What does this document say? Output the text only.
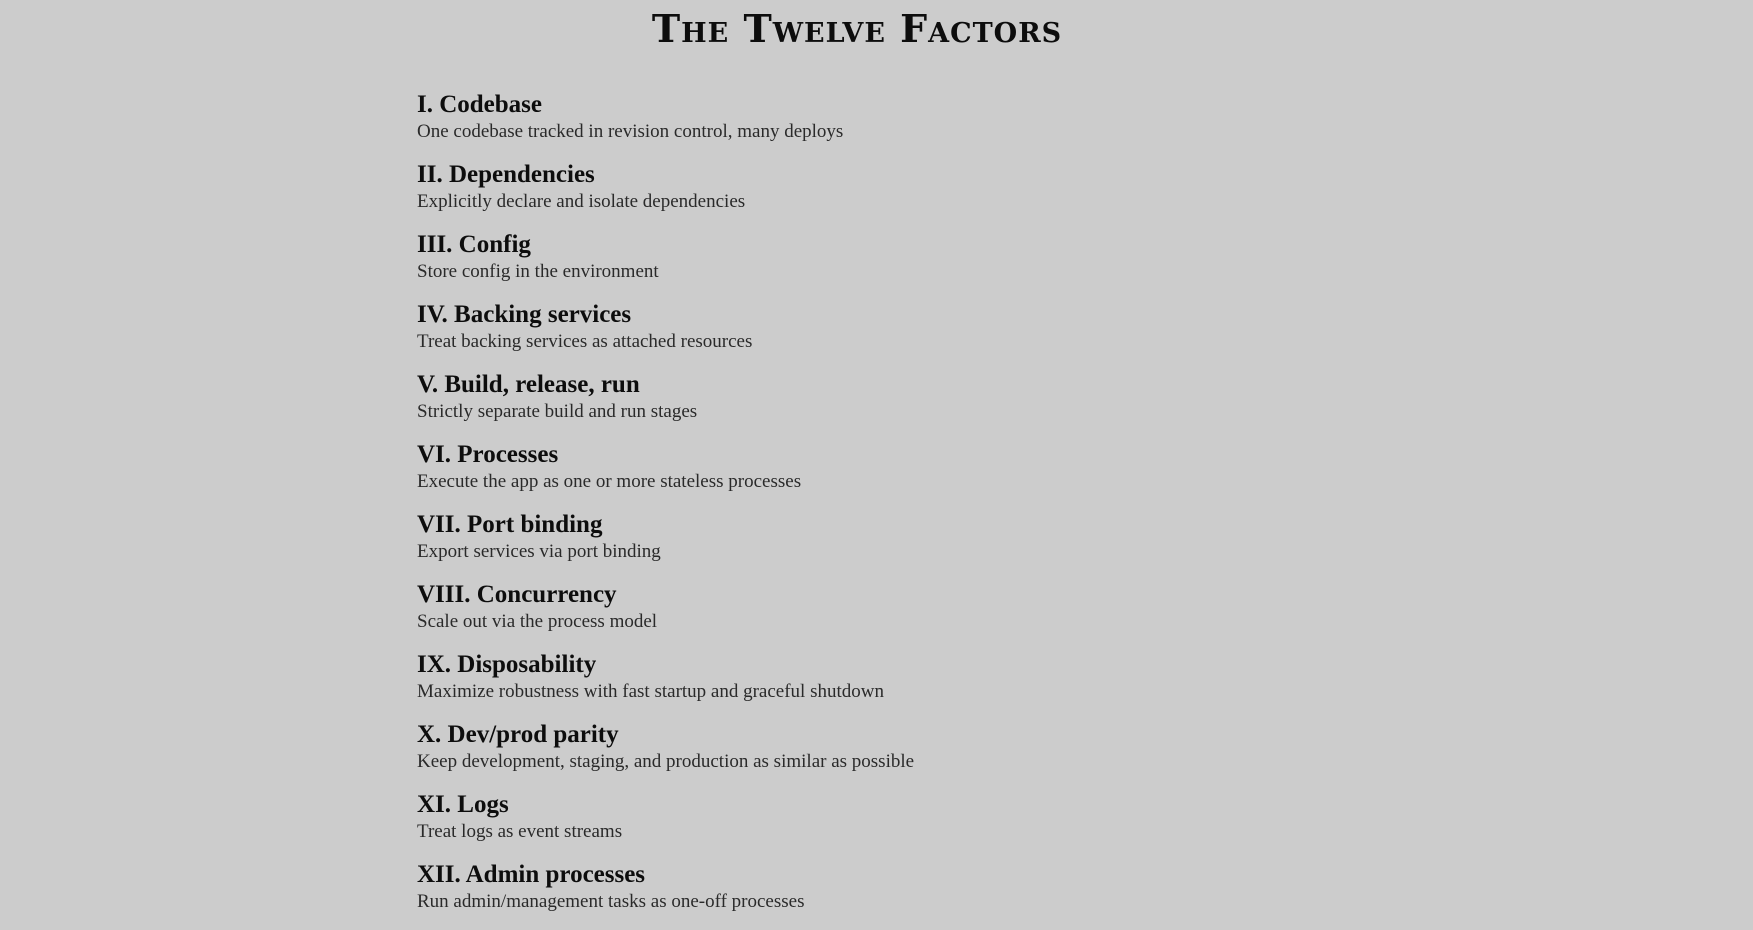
The Twelve Factors
I. Codebase
One codebase tracked in revision control, many deploys
II. Dependencies
Explicitly declare and isolate dependencies
III. Config
Store config in the environment
IV. Backing services
Treat backing services as attached resources
V. Build, release, run
Strictly separate build and run stages
VI. Processes
Execute the app as one or more stateless processes
VII. Port binding
Export services via port binding
VIII. Concurrency
Scale out via the process model
IX. Disposability
Maximize robustness with fast startup and graceful shutdown
X. Dev/prod parity
Keep development, staging, and production as similar as possible
XI. Logs
Treat logs as event streams
XII. Admin processes
Run admin/management tasks as one-off processes
